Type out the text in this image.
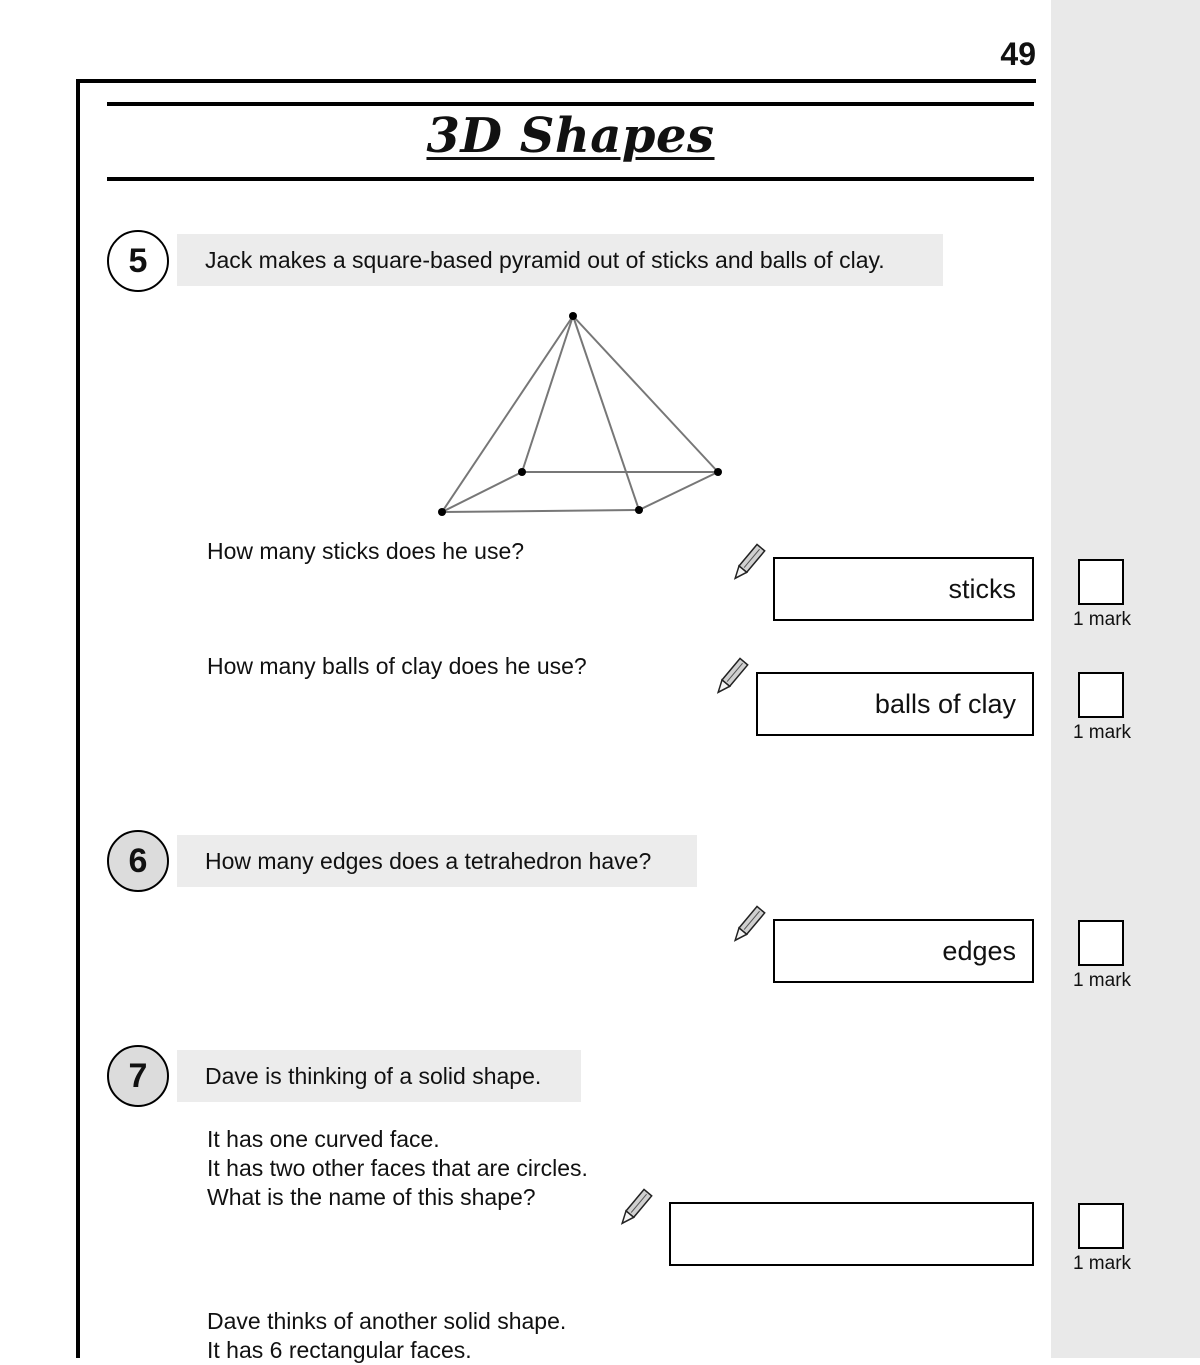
49
3D Shapes
5	Jack makes a square-based pyramid out of sticks and balls of clay.
How many sticks does he use?
sticks
1 mark
How many balls of clay does he use?
balls of clay
1 mark
6	How many edges does a tetrahedron have?
edges
1 mark
7	Dave is thinking of a solid shape.
It has one curved face.
It has two other faces that are circles.
What is the name of this shape?
1 mark
Dave thinks of another solid shape.
It has 6 rectangular faces.
